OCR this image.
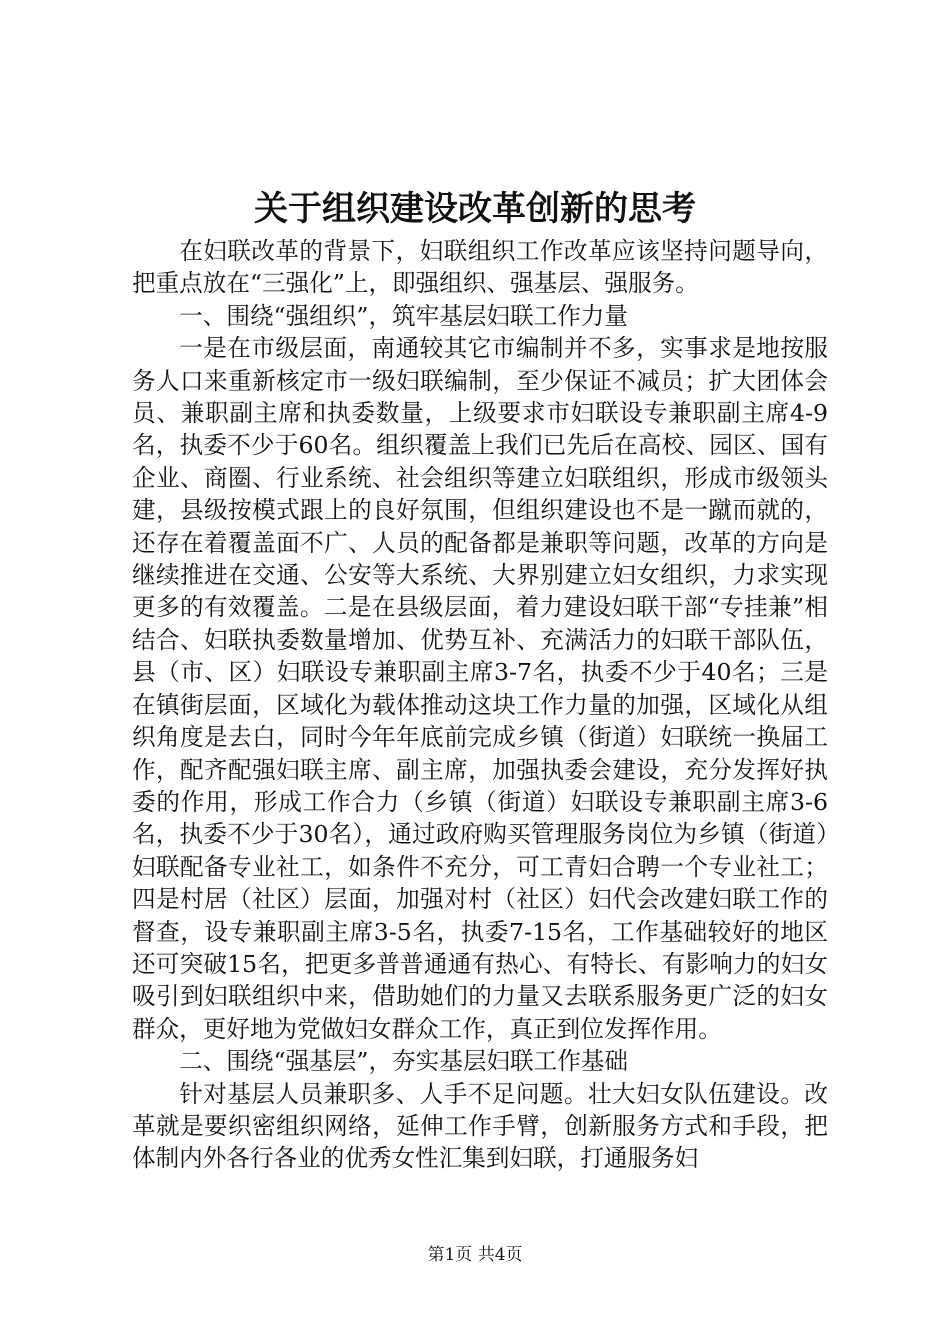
关于组织建设改革创新的思考

在妇联改革的背景下，妇联组织工作改革应该坚持问题导向，把重点放在“三强化”上，即强组织、强基层、强服务。

一、围绕“强组织”，筑牢基层妇联工作力量

一是在市级层面，南通较其它市编制并不多，实事求是地按服务人口来重新核定市一级妇联编制，至少保证不减员；扩大团体会员、兼职副主席和执委数量，上级要求市妇联设专兼职副主席4-9名，执委不少于60名。组织覆盖上我们已先后在高校、园区、国有企业、商圈、行业系统、社会组织等建立妇联组织，形成市级领头建，县级按模式跟上的良好氛围，但组织建设也不是一蹴而就的，还存在着覆盖面不广、人员的配备都是兼职等问题，改革的方向是继续推进在交通、公安等大系统、大界别建立妇女组织，力求实现更多的有效覆盖。二是在县级层面，着力建设妇联干部“专挂兼”相结合、妇联执委数量增加、优势互补、充满活力的妇联干部队伍，县（市、区）妇联设专兼职副主席3-7名，执委不少于40名；三是在镇街层面，区域化为载体推动这块工作力量的加强，区域化从组织角度是去白，同时今年年底前完成乡镇（街道）妇联统一换届工作，配齐配强妇联主席、副主席，加强执委会建设，充分发挥好执委的作用，形成工作合力（乡镇（街道）妇联设专兼职副主席3-6名，执委不少于30名），通过政府购买管理服务岗位为乡镇（街道）妇联配备专业社工，如条件不充分，可工青妇合聘一个专业社工；四是村居（社区）层面，加强对村（社区）妇代会改建妇联工作的督查，设专兼职副主席3-5名，执委7-15名，工作基础较好的地区还可突破15名，把更多普普通通有热心、有特长、有影响力的妇女吸引到妇联组织中来，借助她们的力量又去联系服务更广泛的妇女群众，更好地为党做妇女群众工作，真正到位发挥作用。

二、围绕“强基层”，夯实基层妇联工作基础

针对基层人员兼职多、人手不足问题。壮大妇女队伍建设。改革就是要织密组织网络，延伸工作手臂，创新服务方式和手段，把体制内外各行各业的优秀女性汇集到妇联，打通服务妇

第1页 共4页
